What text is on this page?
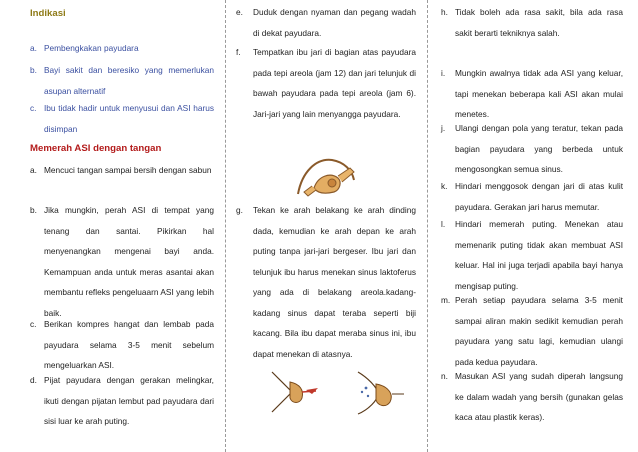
Indikasi
a. Pembengkakan payudara
b. Bayi sakit dan beresiko yang memerlukan asupan alternatif
c. Ibu tidak hadir untuk menyusui dan ASI harus disimpan
Memerah ASI dengan tangan
a. Mencuci tangan sampai bersih dengan sabun
b. Jika mungkin, perah ASI di tempat yang tenang dan santai. Pikirkan hal menyenangkan mengenai bayi anda. Kemampuan anda untuk meras asantai akan membantu refleks pengeluaarn ASI yang lebih baik.
c. Berikan kompres hangat dan lembab pada payudara selama 3-5 menit sebelum mengeluarkan ASI.
d. Pijat payudara dengan gerakan melingkar, ikuti dengan pijatan lembut pad payudara dari sisi luar ke arah puting.
e.	Duduk dengan nyaman dan pegang wadah di dekat payudara.
f.	Tempatkan ibu jari di bagian atas payudara pada tepi areola (jam 12) dan jari telunjuk di bawah payudara pada tepi areola (jam 6). Jari-jari yang lain menyangga payudara.
g.	Tekan ke arah belakang ke arah dinding dada, kemudian ke arah depan ke arah puting tanpa jari-jari bergeser. Ibu jari dan telunjuk ibu harus menekan sinus laktoferus yang ada di belakang areola.kadang-kadang sinus dapat teraba seperti biji kacang. Bila ibu dapat meraba sinus ini, ibu dapat menekan di atasnya.
h. Tidak boleh ada rasa sakit, bila ada rasa sakit berarti tekniknya salah.
i.	Mungkin awalnya tidak ada ASI yang keluar, tapi menekan beberapa kali ASI akan mulai menetes.
j.	Ulangi dengan pola yang teratur, tekan pada bagian payudara yang berbeda untuk mengosongkan semua sinus.
k. Hindari menggosok dengan jari di atas kulit payudara. Gerakan jari harus memutar.
l.	Hindari memerah puting. Menekan atau memenarik puting tidak akan membuat ASI keluar. Hal ini juga terjadi apabila bayi hanya mengisap puting.
m. Perah setiap payudara selama 3-5 menit sampai aliran makin sedikit kemudian perah payudara yang satu lagi, kemudian ulangi pada kedua payudara.
n. Masukan ASI yang sudah diperah langsung ke dalam wadah yang bersih (gunakan gelas kaca atau plastik keras).
